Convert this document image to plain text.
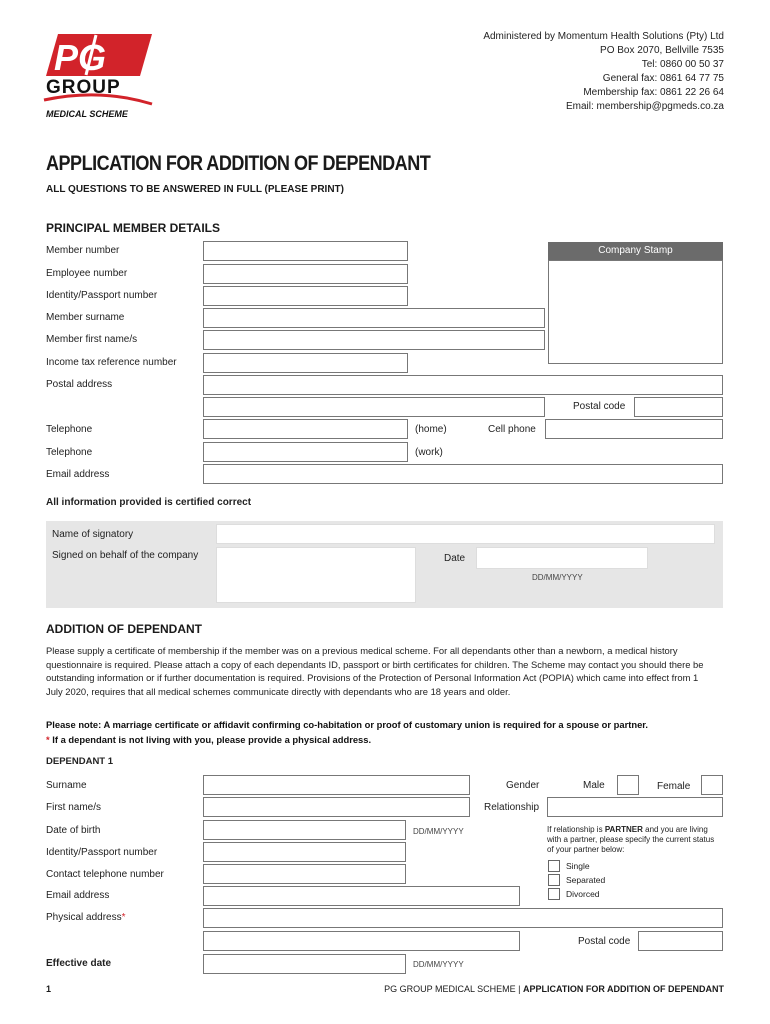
PG
GROUP
MEDICAL SCHEME
Administered by Momentum Health Solutions (Pty) Ltd
PO Box 2070, Bellville 7535
Tel: 0860 00 50 37
General fax: 0861 64 77 75
Membership fax: 0861 22 26 64
Email: membership@pgmeds.co.za
APPLICATION FOR ADDITION OF DEPENDANT
ALL QUESTIONS TO BE ANSWERED IN FULL (PLEASE PRINT)
PRINCIPAL MEMBER DETAILS
Member number
Employee number
Identity/Passport number
Member surname
Member first name/s
Income tax reference number
Company Stamp
Postal address
Postal code
Telephone	(home)	Cell phone
Telephone	(work)
Email address
All information provided is certified correct
Name of signatory
Signed on behalf of the company	Date
DD/MM/YYYY
ADDITION OF DEPENDANT
Please supply a certificate of membership if the member was on a previous medical scheme. For all dependants other than a newborn, a medical history questionnaire is required. Please attach a copy of each dependants ID, passport or birth certificates for children. The Scheme may contact you should there be outstanding information or if further documentation is required. Provisions of the Protection of Personal Information Act (POPIA) which came into effect from 1 July 2020, requires that all medical schemes communicate directly with dependants who are 18 years and older.
Please note: A marriage certificate or affidavit confirming co-habitation or proof of customary union is required for a spouse or partner.
* If a dependant is not living with you, please provide a physical address.
DEPENDANT 1
Surname	Gender	Male	Female
First name/s	Relationship
Date of birth	DD/MM/YYYY	If relationship is PARTNER and you are living with a partner, please specify the current status of your partner below:
Identity/Passport number
Single
Separated
Divorced
Contact telephone number
Email address
Physical address*
Postal code
Effective date	DD/MM/YYYY
1	PG GROUP MEDICAL SCHEME | APPLICATION FOR ADDITION OF DEPENDANT
